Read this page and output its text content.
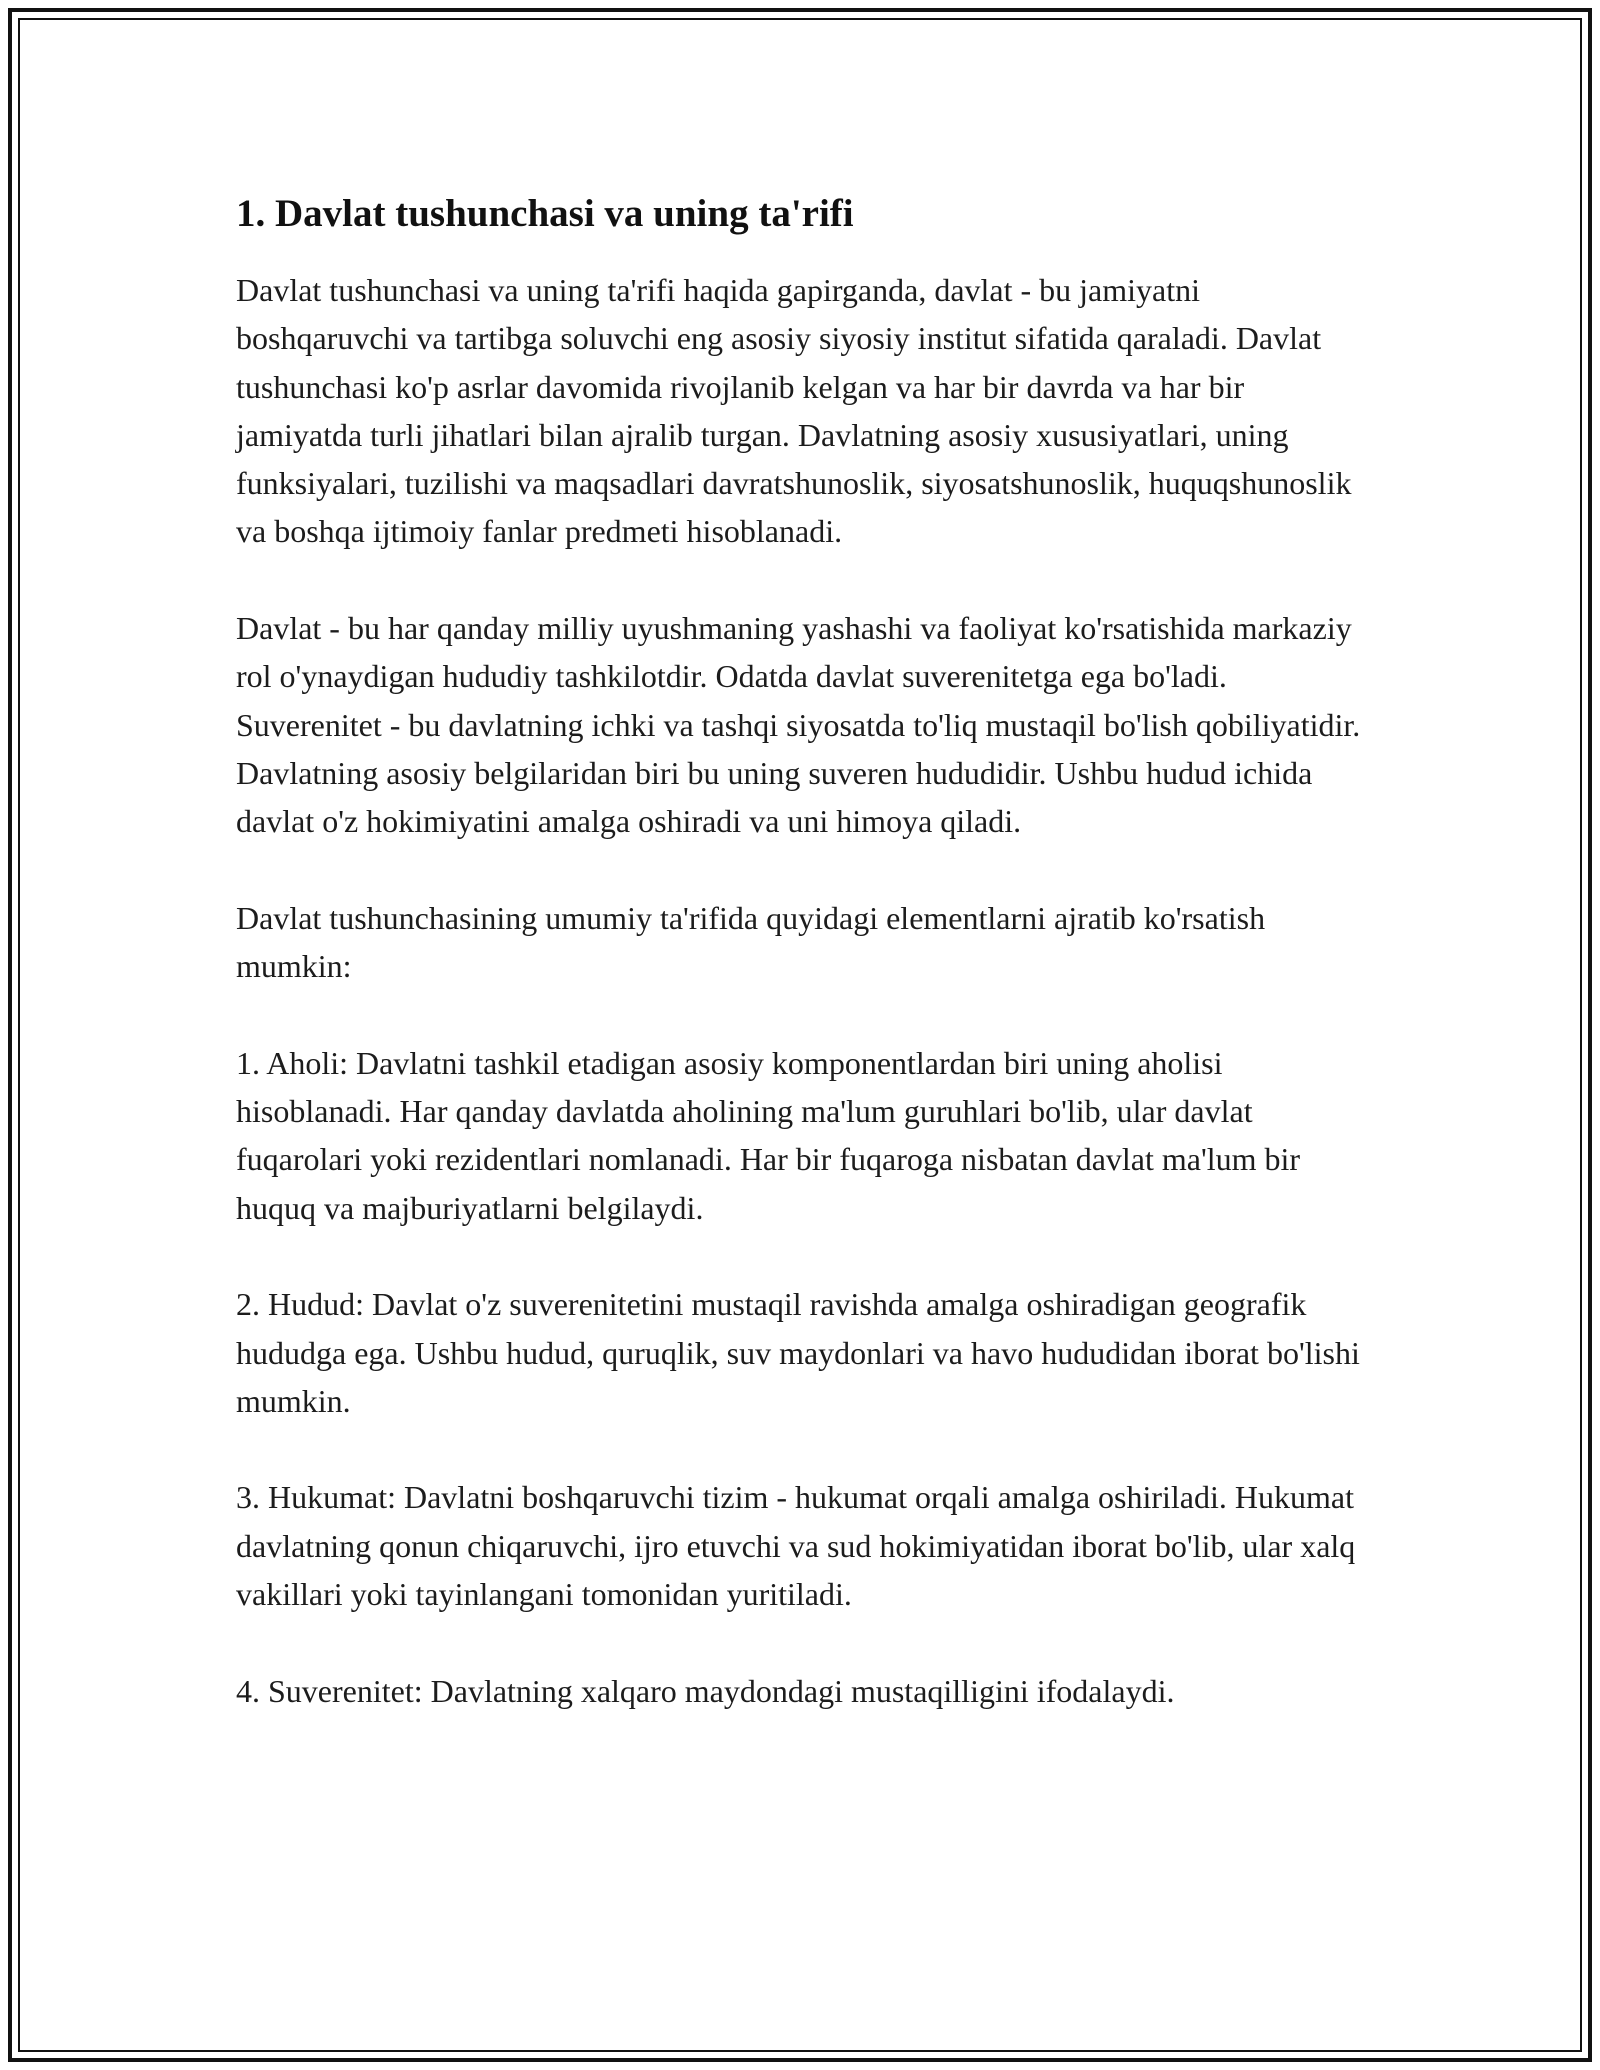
1. Davlat tushunchasi va uning ta'rifi

Davlat tushunchasi va uning ta'rifi haqida gapirganda, davlat - bu jamiyatni boshqaruvchi va tartibga soluvchi eng asosiy siyosiy institut sifatida qaraladi. Davlat tushunchasi ko'p asrlar davomida rivojlanib kelgan va har bir davrda va har bir jamiyatda turli jihatlari bilan ajralib turgan. Davlatning asosiy xususiyatlari, uning funksiyalari, tuzilishi va maqsadlari davratshunoslik, siyosatshunoslik, huquqshunoslik va boshqa ijtimoiy fanlar predmeti hisoblanadi.

Davlat - bu har qanday milliy uyushmaning yashashi va faoliyat ko'rsatishida markaziy rol o'ynaydigan hududiy tashkilotdir. Odatda davlat suverenitetga ega bo'ladi. Suverenitet - bu davlatning ichki va tashqi siyosatda to'liq mustaqil bo'lish qobiliyatidir. Davlatning asosiy belgilaridan biri bu uning suveren hududidir. Ushbu hudud ichida davlat o'z hokimiyatini amalga oshiradi va uni himoya qiladi.

Davlat tushunchasining umumiy ta'rifida quyidagi elementlarni ajratib ko'rsatish mumkin:

1. Aholi: Davlatni tashkil etadigan asosiy komponentlardan biri uning aholisi hisoblanadi. Har qanday davlatda aholining ma'lum guruhlari bo'lib, ular davlat fuqarolari yoki rezidentlari nomlanadi. Har bir fuqaroga nisbatan davlat ma'lum bir huquq va majburiyatlarni belgilaydi.

2. Hudud: Davlat o'z suverenitetini mustaqil ravishda amalga oshiradigan geografik hududga ega. Ushbu hudud, quruqlik, suv maydonlari va havo hududidan iborat bo'lishi mumkin.

3. Hukumat: Davlatni boshqaruvchi tizim - hukumat orqali amalga oshiriladi. Hukumat davlatning qonun chiqaruvchi, ijro etuvchi va sud hokimiyatidan iborat bo'lib, ular xalq vakillari yoki tayinlangani tomonidan yuritiladi.

4. Suverenitet: Davlatning xalqaro maydondagi mustaqilligini ifodalaydi.
